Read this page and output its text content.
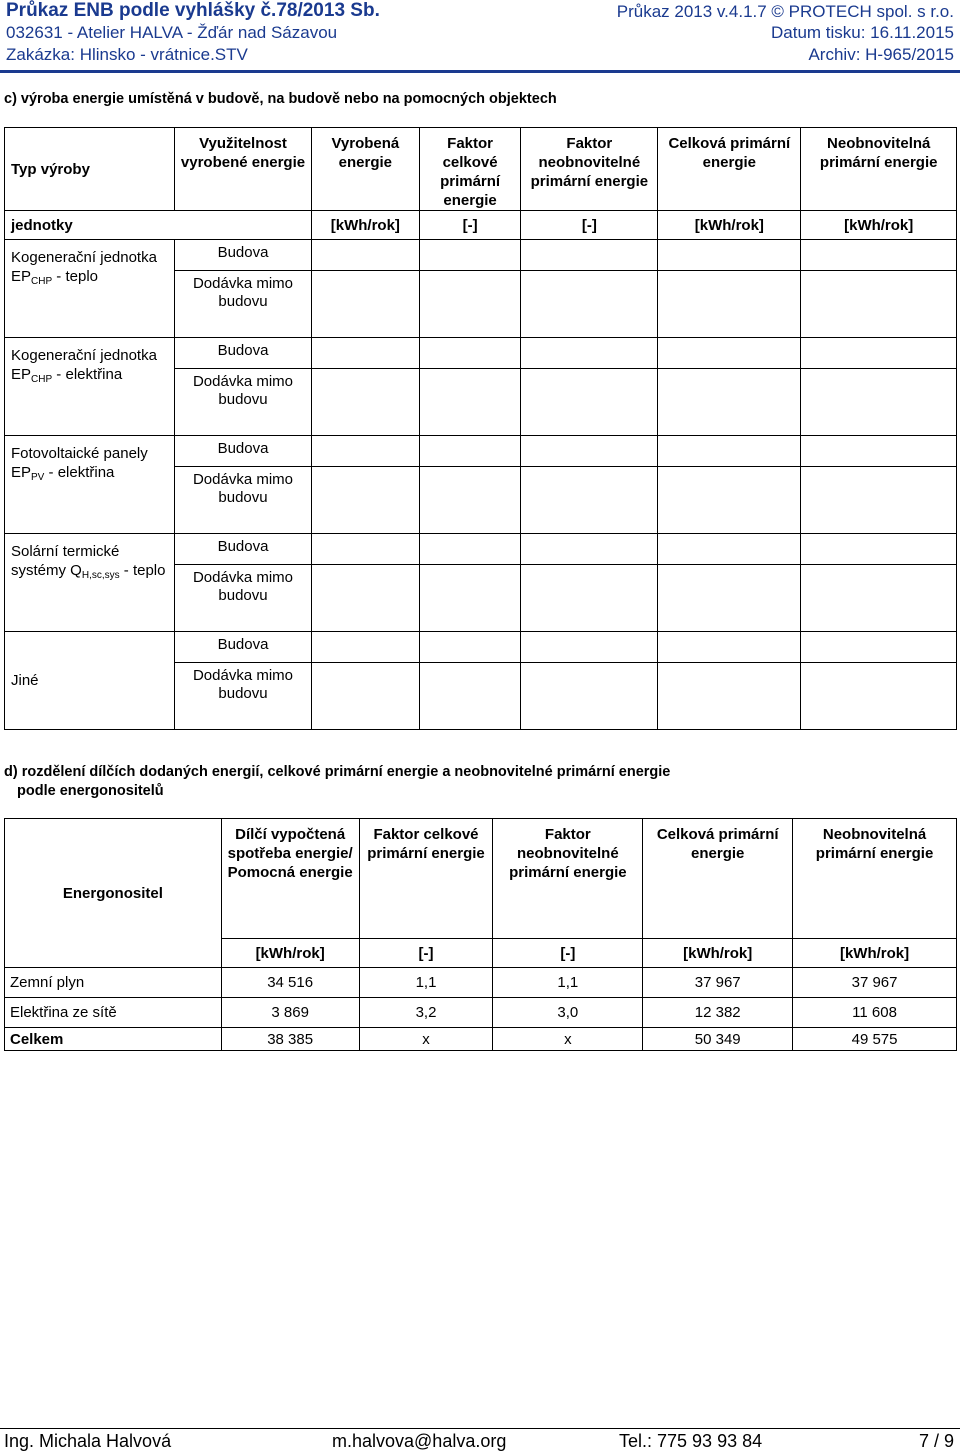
Průkaz ENB podle vyhlášky č.78/2013 Sb.
032631 - Atelier HALVA - Žďár nad Sázavou
Zakázka: Hlinsko - vrátnice.STV
Průkaz 2013 v.4.1.7 © PROTECH spol. s r.o.
Datum tisku: 16.11.2015
Archiv: H-965/2015
c) výroba energie umístěná v budově, na budově nebo na pomocných objektech
Typ výroby	Využitelnost vyrobené energie	Vyrobená energie	Faktor celkové primární energie	Faktor neobnovitelné primární energie	Celková primární energie	Neobnovitelná primární energie
jednotky		[kWh/rok]	[-]	[-]	[kWh/rok]	[kWh/rok]
Kogenerační jednotka $EP_{CHP}$ - teplo	Budova					
	Dodávka mimo budovu					
Kogenerační jednotka $EP_{CHP}$ - elektřina	Budova					
	Dodávka mimo budovu					
Fotovoltaické panely $EP_{PV}$ - elektřina	Budova					
	Dodávka mimo budovu					
Solární termické systémy $Q_{H,sc,sys}$ - teplo	Budova					
	Dodávka mimo budovu					
Jiné	Budova					
	Dodávka mimo budovu					
d) rozdělení dílčích dodaných energií, celkové primární energie a neobnovitelné primární energie
podle energonositelů
Energonositel	Dílčí vypočtená spotřeba energie/ Pomocná energie	Faktor celkové primární energie	Faktor neobnovitelné primární energie	Celková primární energie	Neobnovitelná primární energie
	[kWh/rok]	[-]	[-]	[kWh/rok]	[kWh/rok]
Zemní plyn	34 516	1,1	1,1	37 967	37 967
Elektřina ze sítě	3 869	3,2	3,0	12 382	11 608
Celkem	38 385	x	x	50 349	49 575
Ing. Michala Halvová	m.halvova@halva.org	Tel.: 775 93 93 84	7 / 9
